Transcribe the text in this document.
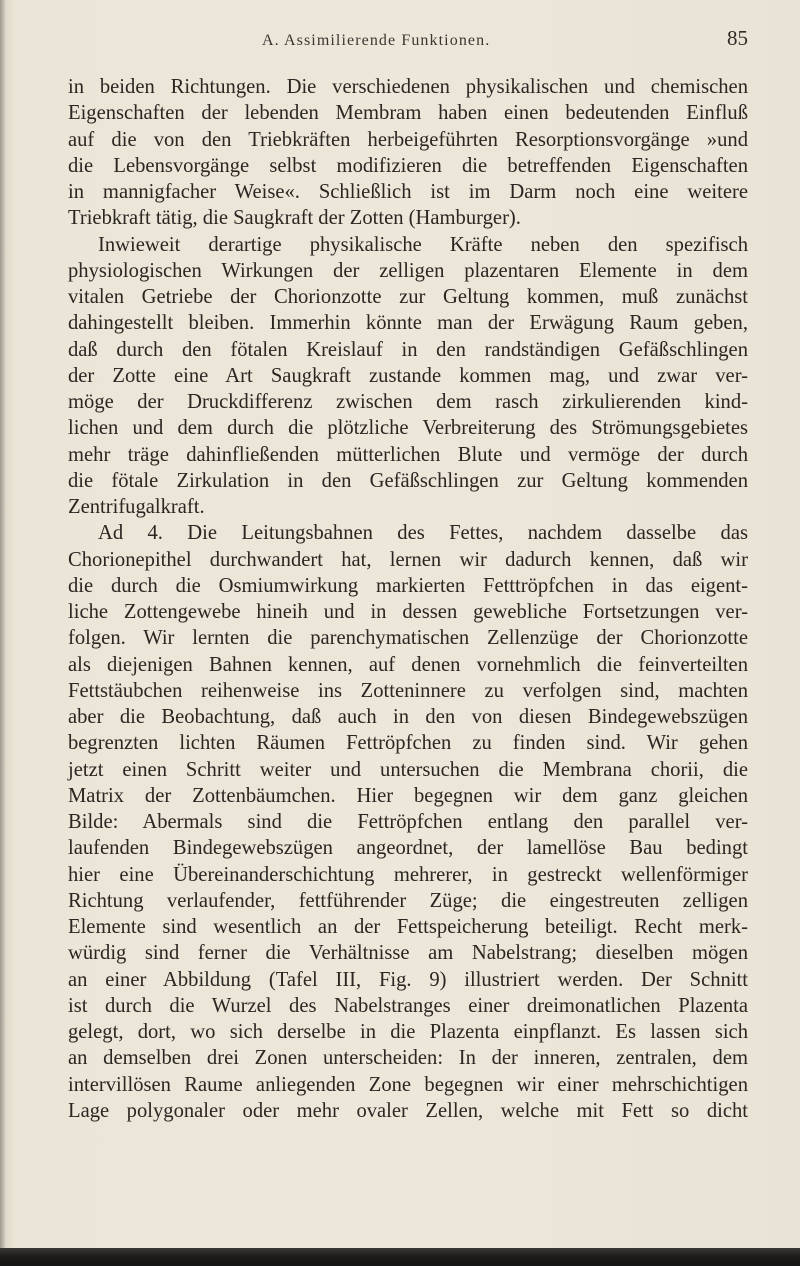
A. Assimilierende Funktionen.	85
in beiden Richtungen. Die verschiedenen physikalischen und chemischen
Eigenschaften der lebenden Membram haben einen bedeutenden Einfluß
auf die von den Triebkräften herbeigeführten Resorptionsvorgänge »und
die Lebensvorgänge selbst modifizieren die betreffenden Eigenschaften
in mannigfacher Weise«. Schließlich ist im Darm noch eine weitere
Triebkraft tätig, die Saugkraft der Zotten (Hamburger).
Inwieweit derartige physikalische Kräfte neben den spezifisch
physiologischen Wirkungen der zelligen plazentaren Elemente in dem
vitalen Getriebe der Chorionzotte zur Geltung kommen, muß zunächst
dahingestellt bleiben. Immerhin könnte man der Erwägung Raum geben,
daß durch den fötalen Kreislauf in den randständigen Gefäßschlingen
der Zotte eine Art Saugkraft zustande kommen mag, und zwar ver-
möge der Druckdifferenz zwischen dem rasch zirkulierenden kind-
lichen und dem durch die plötzliche Verbreiterung des Strömungsgebietes
mehr träge dahinfließenden mütterlichen Blute und vermöge der durch
die fötale Zirkulation in den Gefäßschlingen zur Geltung kommenden
Zentrifugalkraft.
Ad 4. Die Leitungsbahnen des Fettes, nachdem dasselbe das
Chorionepithel durchwandert hat, lernen wir dadurch kennen, daß wir
die durch die Osmiumwirkung markierten Fetttröpfchen in das eigent-
liche Zottengewebe hineih und in dessen gewebliche Fortsetzungen ver-
folgen. Wir lernten die parenchymatischen Zellenzüge der Chorionzotte
als diejenigen Bahnen kennen, auf denen vornehmlich die feinverteilten
Fettstäubchen reihenweise ins Zotteninnere zu verfolgen sind, machten
aber die Beobachtung, daß auch in den von diesen Bindegewebszügen
begrenzten lichten Räumen Fettröpfchen zu finden sind. Wir gehen
jetzt einen Schritt weiter und untersuchen die Membrana chorii, die
Matrix der Zottenbäumchen. Hier begegnen wir dem ganz gleichen
Bilde: Abermals sind die Fettröpfchen entlang den parallel ver-
laufenden Bindegewebszügen angeordnet, der lamellöse Bau bedingt
hier eine Übereinanderschichtung mehrerer, in gestreckt wellenförmiger
Richtung verlaufender, fettführender Züge; die eingestreuten zelligen
Elemente sind wesentlich an der Fettspeicherung beteiligt. Recht merk-
würdig sind ferner die Verhältnisse am Nabelstrang; dieselben mögen
an einer Abbildung (Tafel III, Fig. 9) illustriert werden. Der Schnitt
ist durch die Wurzel des Nabelstranges einer dreimonatlichen Plazenta
gelegt, dort, wo sich derselbe in die Plazenta einpflanzt. Es lassen sich
an demselben drei Zonen unterscheiden: In der inneren, zentralen, dem
intervillösen Raume anliegenden Zone begegnen wir einer mehrschichtigen
Lage polygonaler oder mehr ovaler Zellen, welche mit Fett so dicht
